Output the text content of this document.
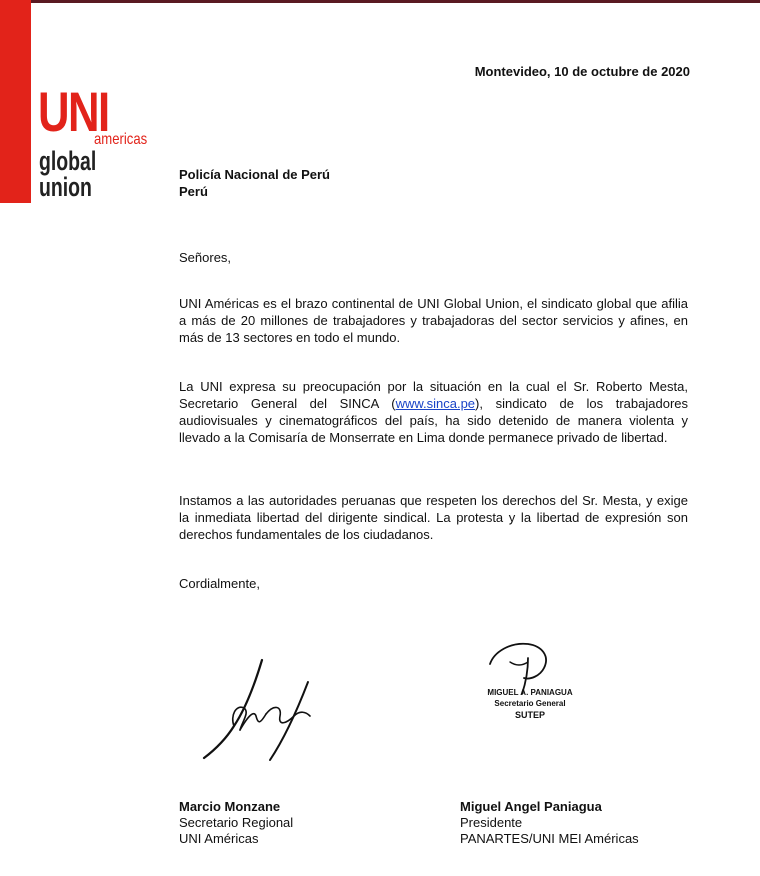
UNI
americas
global
union
Montevideo, 10 de octubre de 2020
Policía Nacional de Perú
Perú
Señores,
UNI Américas es el brazo continental de UNI Global Union, el sindicato global que afilia a más de 20 millones de trabajadores y trabajadoras del sector servicios y afines, en más de 13 sectores en todo el mundo.
La UNI expresa su preocupación por la situación en la cual el Sr. Roberto Mesta, Secretario General del SINCA (www.sinca.pe), sindicato de los trabajadores audiovisuales y cinematográficos del país, ha sido detenido de manera violenta y llevado a la Comisaría de Monserrate en Lima donde permanece privado de libertad.
Instamos a las autoridades peruanas que respeten los derechos del Sr. Mesta, y exige la inmediata libertad del dirigente sindical. La protesta y la libertad de expresión son derechos fundamentales de los ciudadanos.
Cordialmente,
MIGUEL A. PANIAGUA
Secretario General
SUTEP
Marcio Monzane
Secretario Regional
UNI Américas
Miguel Angel Paniagua
Presidente
PANARTES/UNI MEI Américas
